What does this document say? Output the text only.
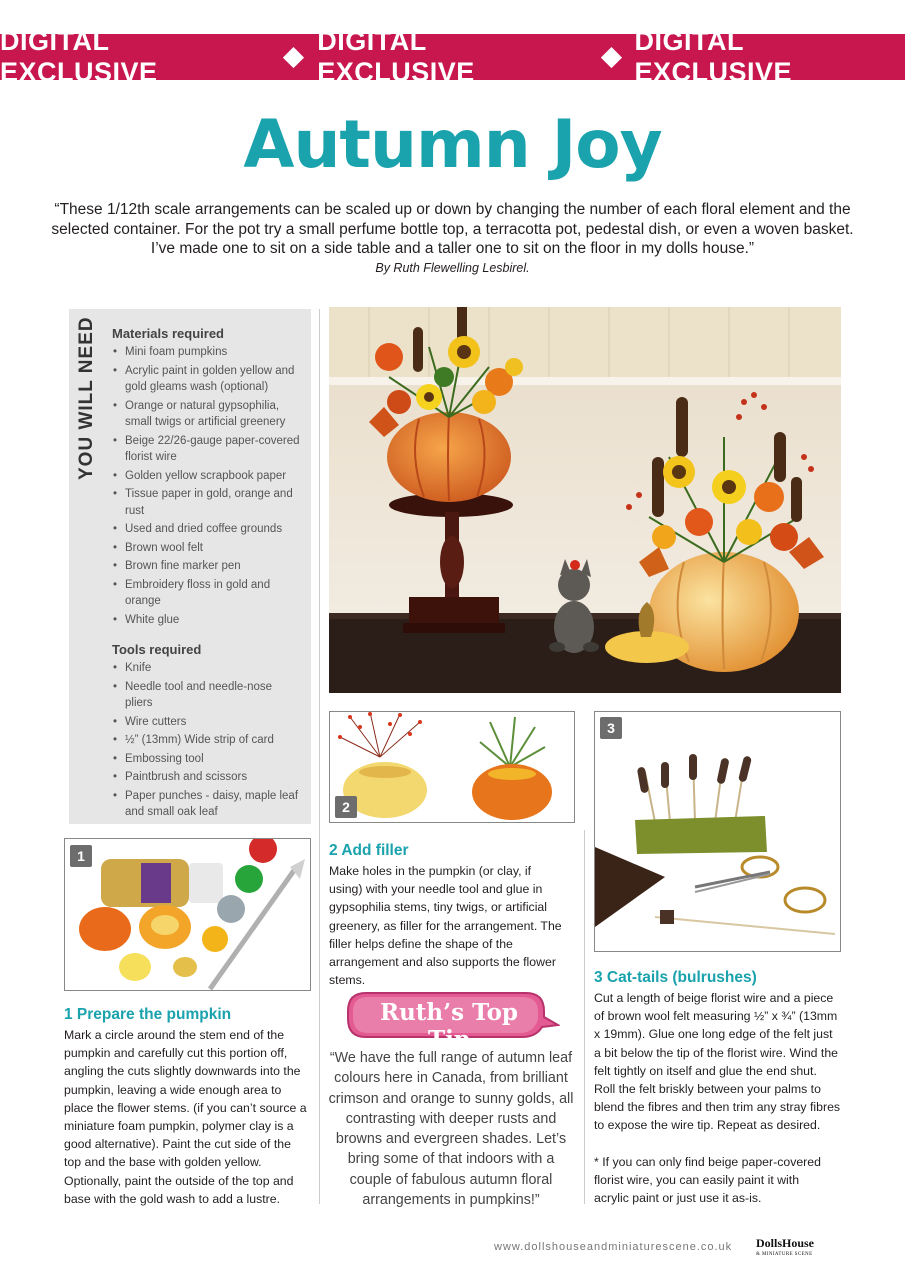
DIGITAL EXCLUSIVE
DIGITAL EXCLUSIVE
DIGITAL EXCLUSIVE
Autumn Joy
“These 1/12th scale arrangements can be scaled up or down by changing the number of each floral element and the selected container. For the pot try a small perfume bottle top, a terracotta pot, pedestal dish, or even a woven basket. I’ve made one to sit on a side table and a taller one to sit on the floor in my dolls house.”
By Ruth Flewelling Lesbirel.
YOU WILL NEED Materials required
• Mini foam pumpkins
• Acrylic paint in golden yellow and gold gleams wash (optional)
• Orange or natural gypsophilia, small twigs or artificial greenery
• Beige 22/26-gauge paper-covered florist wire
• Golden yellow scrapbook paper
• Tissue paper in gold, orange and rust
• Used and dried coffee grounds
• Brown wool felt
• Brown fine marker pen
• Embroidery floss in gold and orange
• White glue
Tools required
• Knife
• Needle tool and needle-nose pliers
• Wire cutters
• ½” (13mm) Wide strip of card
• Embossing tool
• Paintbrush and scissors
• Paper punches - daisy, maple leaf and small oak leaf	2
3
1
1 Prepare the pumpkin
Mark a circle around the stem end of the pumpkin and carefully cut this portion off, angling the cuts slightly downwards into the pumpkin, leaving a wide enough area to place the flower stems. (if you can’t source a miniature foam pumpkin, polymer clay is a good alternative). Paint the cut side of the top and the base with golden yellow. Optionally, paint the outside of the top and base with the gold wash to add a lustre.
2 Add filler
Make holes in the pumpkin (or clay, if using) with your needle tool and glue in gypsophilia stems, tiny twigs, or artificial greenery, as filler for the arrangement. The filler helps define the shape of the arrangement and also supports the flower stems.
Ruth’s Top Tip
“We have the full range of autumn leaf colours here in Canada, from brilliant crimson and orange to sunny golds, all contrasting with deeper rusts and browns and evergreen shades. Let’s bring some of that indoors with a couple of fabulous autumn floral arrangements in pumpkins!”
3 Cat-tails (bulrushes)
Cut a length of beige florist wire and a piece of brown wool felt measuring ½” x ¾” (13mm x 19mm). Glue one long edge of the felt just a bit below the tip of the florist wire. Wind the felt tightly on itself and glue the end shut. Roll the felt briskly between your palms to blend the fibres and then trim any stray fibres to expose the wire tip. Repeat as desired.
* If you can only find beige paper-covered florist wire, you can easily paint it with acrylic paint or just use it as-is.
www.dollshouseandminiaturescene.co.uk DollsHouse
& MINIATURE SCENE
